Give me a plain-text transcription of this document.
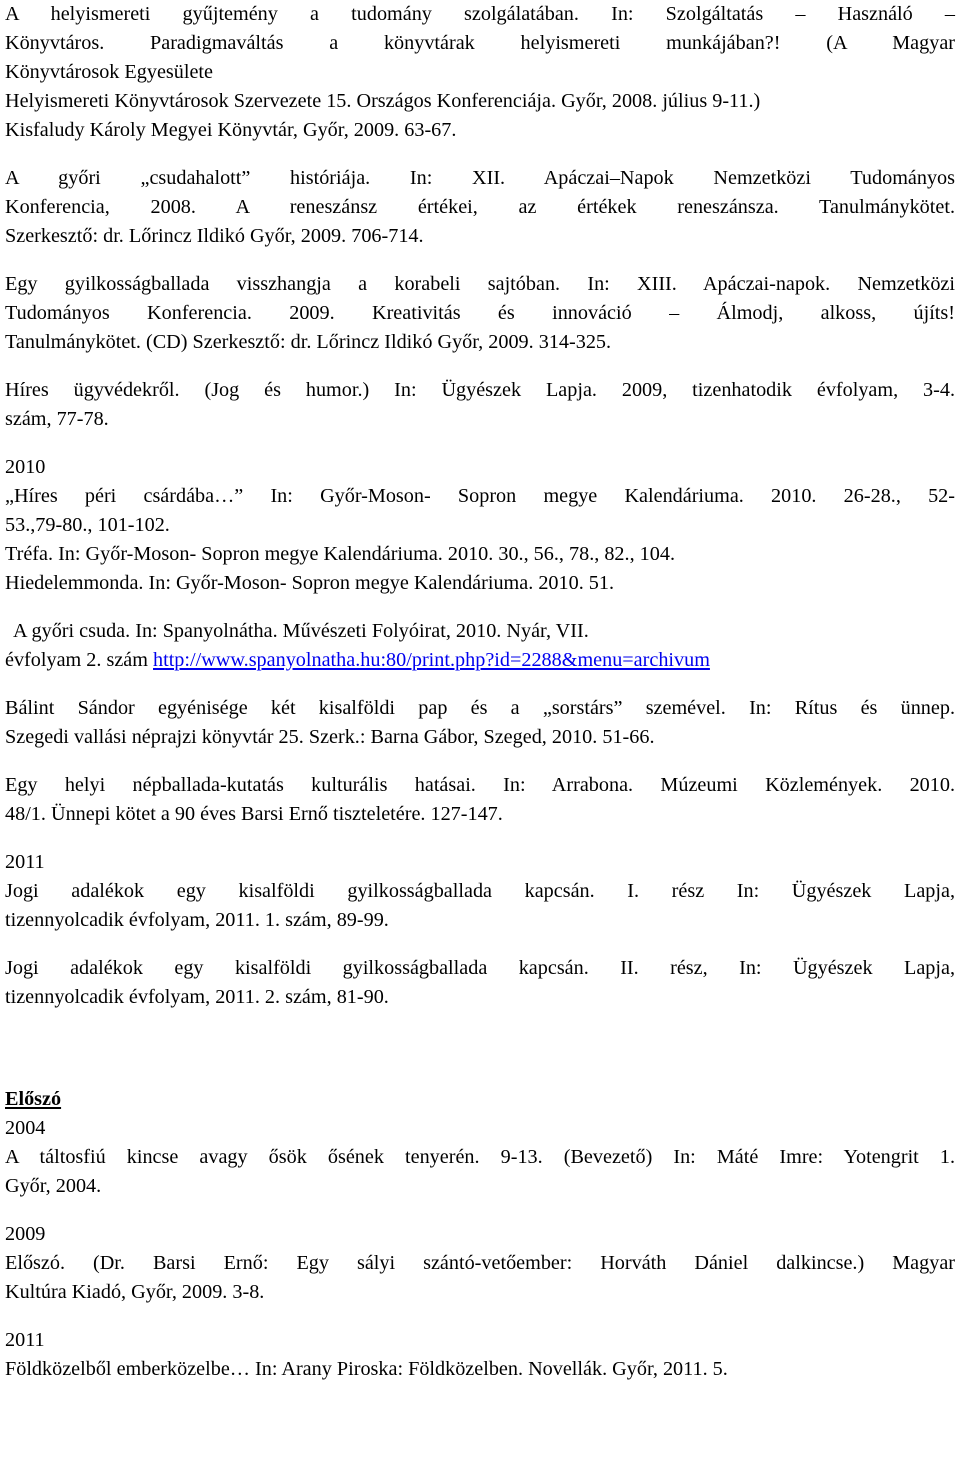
A helyismereti gyűjtemény a tudomány szolgálatában. In: Szolgáltatás – Használó –
Könyvtáros. Paradigmaváltás a könyvtárak helyismereti munkájában?! (A Magyar
Könyvtárosok Egyesülete
Helyismereti Könyvtárosok Szervezete 15. Országos Konferenciája. Győr, 2008. július 9-11.)
Kisfaludy Károly Megyei Könyvtár, Győr, 2009. 63-67.
A győri „csudahalott” históriája. In: XII. Apáczai–Napok Nemzetközi Tudományos
Konferencia, 2008. A reneszánsz értékei, az értékek reneszánsza. Tanulmánykötet.
Szerkesztő: dr. Lőrincz Ildikó Győr, 2009. 706-714.
Egy gyilkosságballada visszhangja a korabeli sajtóban. In: XIII. Apáczai-napok. Nemzetközi
Tudományos Konferencia. 2009. Kreativitás és innováció – Álmodj, alkoss, újíts!
Tanulmánykötet. (CD) Szerkesztő: dr. Lőrincz Ildikó Győr, 2009. 314-325.
Híres ügyvédekről. (Jog és humor.) In: Ügyészek Lapja. 2009, tizenhatodik évfolyam, 3-4.
szám, 77-78.
2010
„Híres péri csárdába…” In: Győr-Moson- Sopron megye Kalendáriuma. 2010. 26-28., 52-
53.,79-80., 101-102.
Tréfa. In: Győr-Moson- Sopron megye Kalendáriuma. 2010. 30., 56., 78., 82., 104.
Hiedelemmonda. In: Győr-Moson- Sopron megye Kalendáriuma. 2010. 51.
A győri csuda. In: Spanyolnátha. Művészeti Folyóirat, 2010. Nyár, VII.
évfolyam 2. szám http://www.spanyolnatha.hu:80/print.php?id=2288&menu=archivum
Bálint Sándor egyénisége két kisalföldi pap és a „sorstárs” szemével. In: Rítus és ünnep.
Szegedi vallási néprajzi könyvtár 25. Szerk.: Barna Gábor, Szeged, 2010. 51-66.
Egy helyi népballada-kutatás kulturális hatásai. In: Arrabona. Múzeumi Közlemények. 2010.
48/1. Ünnepi kötet a 90 éves Barsi Ernő tiszteletére. 127-147.
2011
Jogi adalékok egy kisalföldi gyilkosságballada kapcsán. I. rész In: Ügyészek Lapja,
tizennyolcadik évfolyam, 2011. 1. szám, 89-99.
Jogi adalékok egy kisalföldi gyilkosságballada kapcsán. II. rész, In: Ügyészek Lapja,
tizennyolcadik évfolyam, 2011. 2. szám, 81-90.
Előszó
2004
A táltosfiú kincse avagy ősök ősének tenyerén. 9-13. (Bevezető) In: Máté Imre: Yotengrit 1.
Győr, 2004.
2009
Előszó. (Dr. Barsi Ernő: Egy sályi szántó-vetőember: Horváth Dániel dalkincse.) Magyar
Kultúra Kiadó, Győr, 2009. 3-8.
2011
Földközelből emberközelbe… In: Arany Piroska: Földközelben. Novellák. Győr, 2011. 5.
